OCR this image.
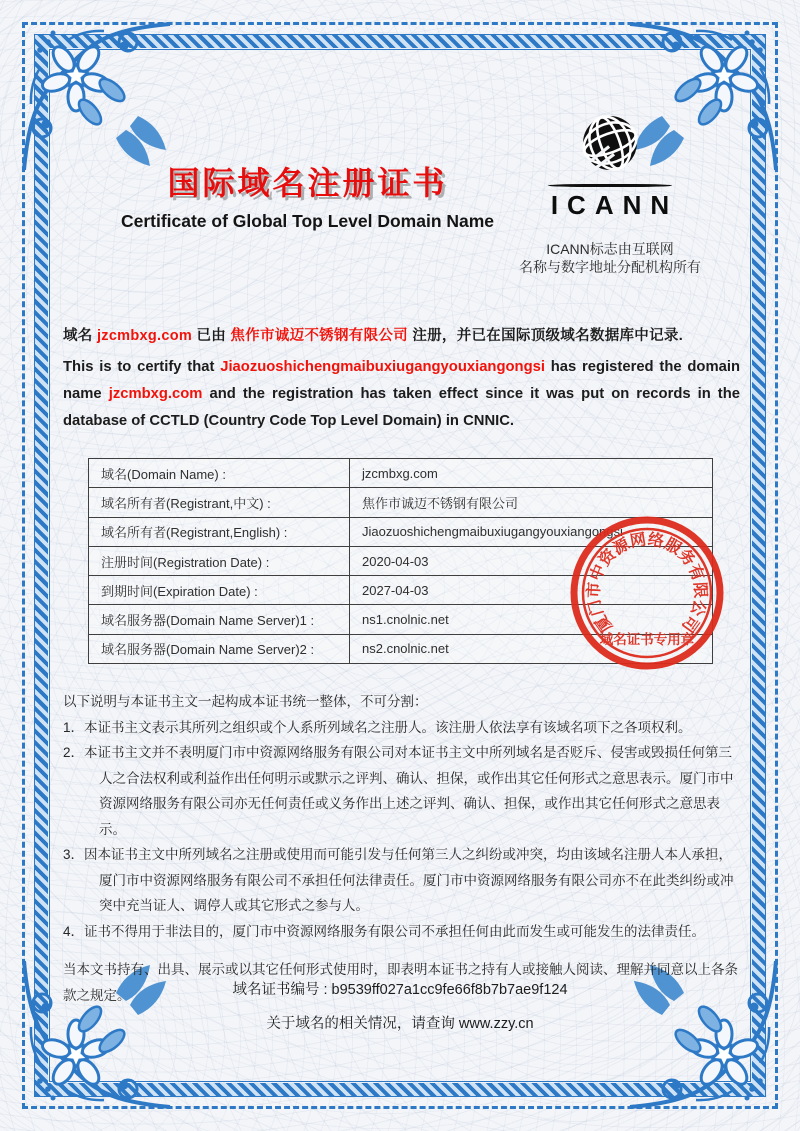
国际域名注册证书
Certificate of Global Top Level Domain Name
ICANN
ICANN标志由互联网
名称与数字地址分配机构所有

域名 jzcmbxg.com 已由 焦作市诚迈不锈钢有限公司 注册，并已在国际顶级域名数据库中记录.

This is to certify that Jiaozuoshichengmaibuxiugangyouxiangongsi has registered the domain name jzcmbxg.com and the registration has taken effect since it was put on records in the database of CCTLD (Country Code Top Level Domain) in CNNIC.

域名(Domain Name) :	jzcmbxg.com
域名所有者(Registrant,中文) :	焦作市诚迈不锈钢有限公司
域名所有者(Registrant,English) :	Jiaozuoshichengmaibuxiugangyouxiangongsi
注册时间(Registration Date) :	2020-04-03
到期时间(Expiration Date) :	2027-04-03
域名服务器(Domain Name Server)1 :	ns1.cnolnic.net
域名服务器(Domain Name Server)2 :	ns2.cnolnic.net
厦门市中资源网络服务有限公司
域名证书专用章

以下说明与本证书主文一起构成本证书统一整体，不可分割：

1．本证书主文表示其所列之组织或个人系所列域名之注册人。该注册人依法享有该域名项下之各项权利。

2．本证书主文并不表明厦门市中资源网络服务有限公司对本证书主文中所列域名是否贬斥、侵害或毁损任何第三人之合法权利或利益作出任何明示或默示之评判、确认、担保，或作出其它任何形式之意思表示。厦门市中资源网络服务有限公司亦无任何责任或义务作出上述之评判、确认、担保，或作出其它任何形式之意思表示。

3．因本证书主文中所列域名之注册或使用而可能引发与任何第三人之纠纷或冲突，均由该域名注册人本人承担，厦门市中资源网络服务有限公司不承担任何法律责任。厦门市中资源网络服务有限公司亦不在此类纠纷或冲突中充当证人、调停人或其它形式之参与人。

4．证书不得用于非法目的，厦门市中资源网络服务有限公司不承担任何由此而发生或可能发生的法律责任。

当本文书持有、出具、展示或以其它任何形式使用时，即表明本证书之持有人或接触人阅读、理解并同意以上各条款之规定。	域名证书编号 : b9539ff027a1cc9fe66f8b7b7ae9f124
关于域名的相关情况，请查询 www.zzy.cn
